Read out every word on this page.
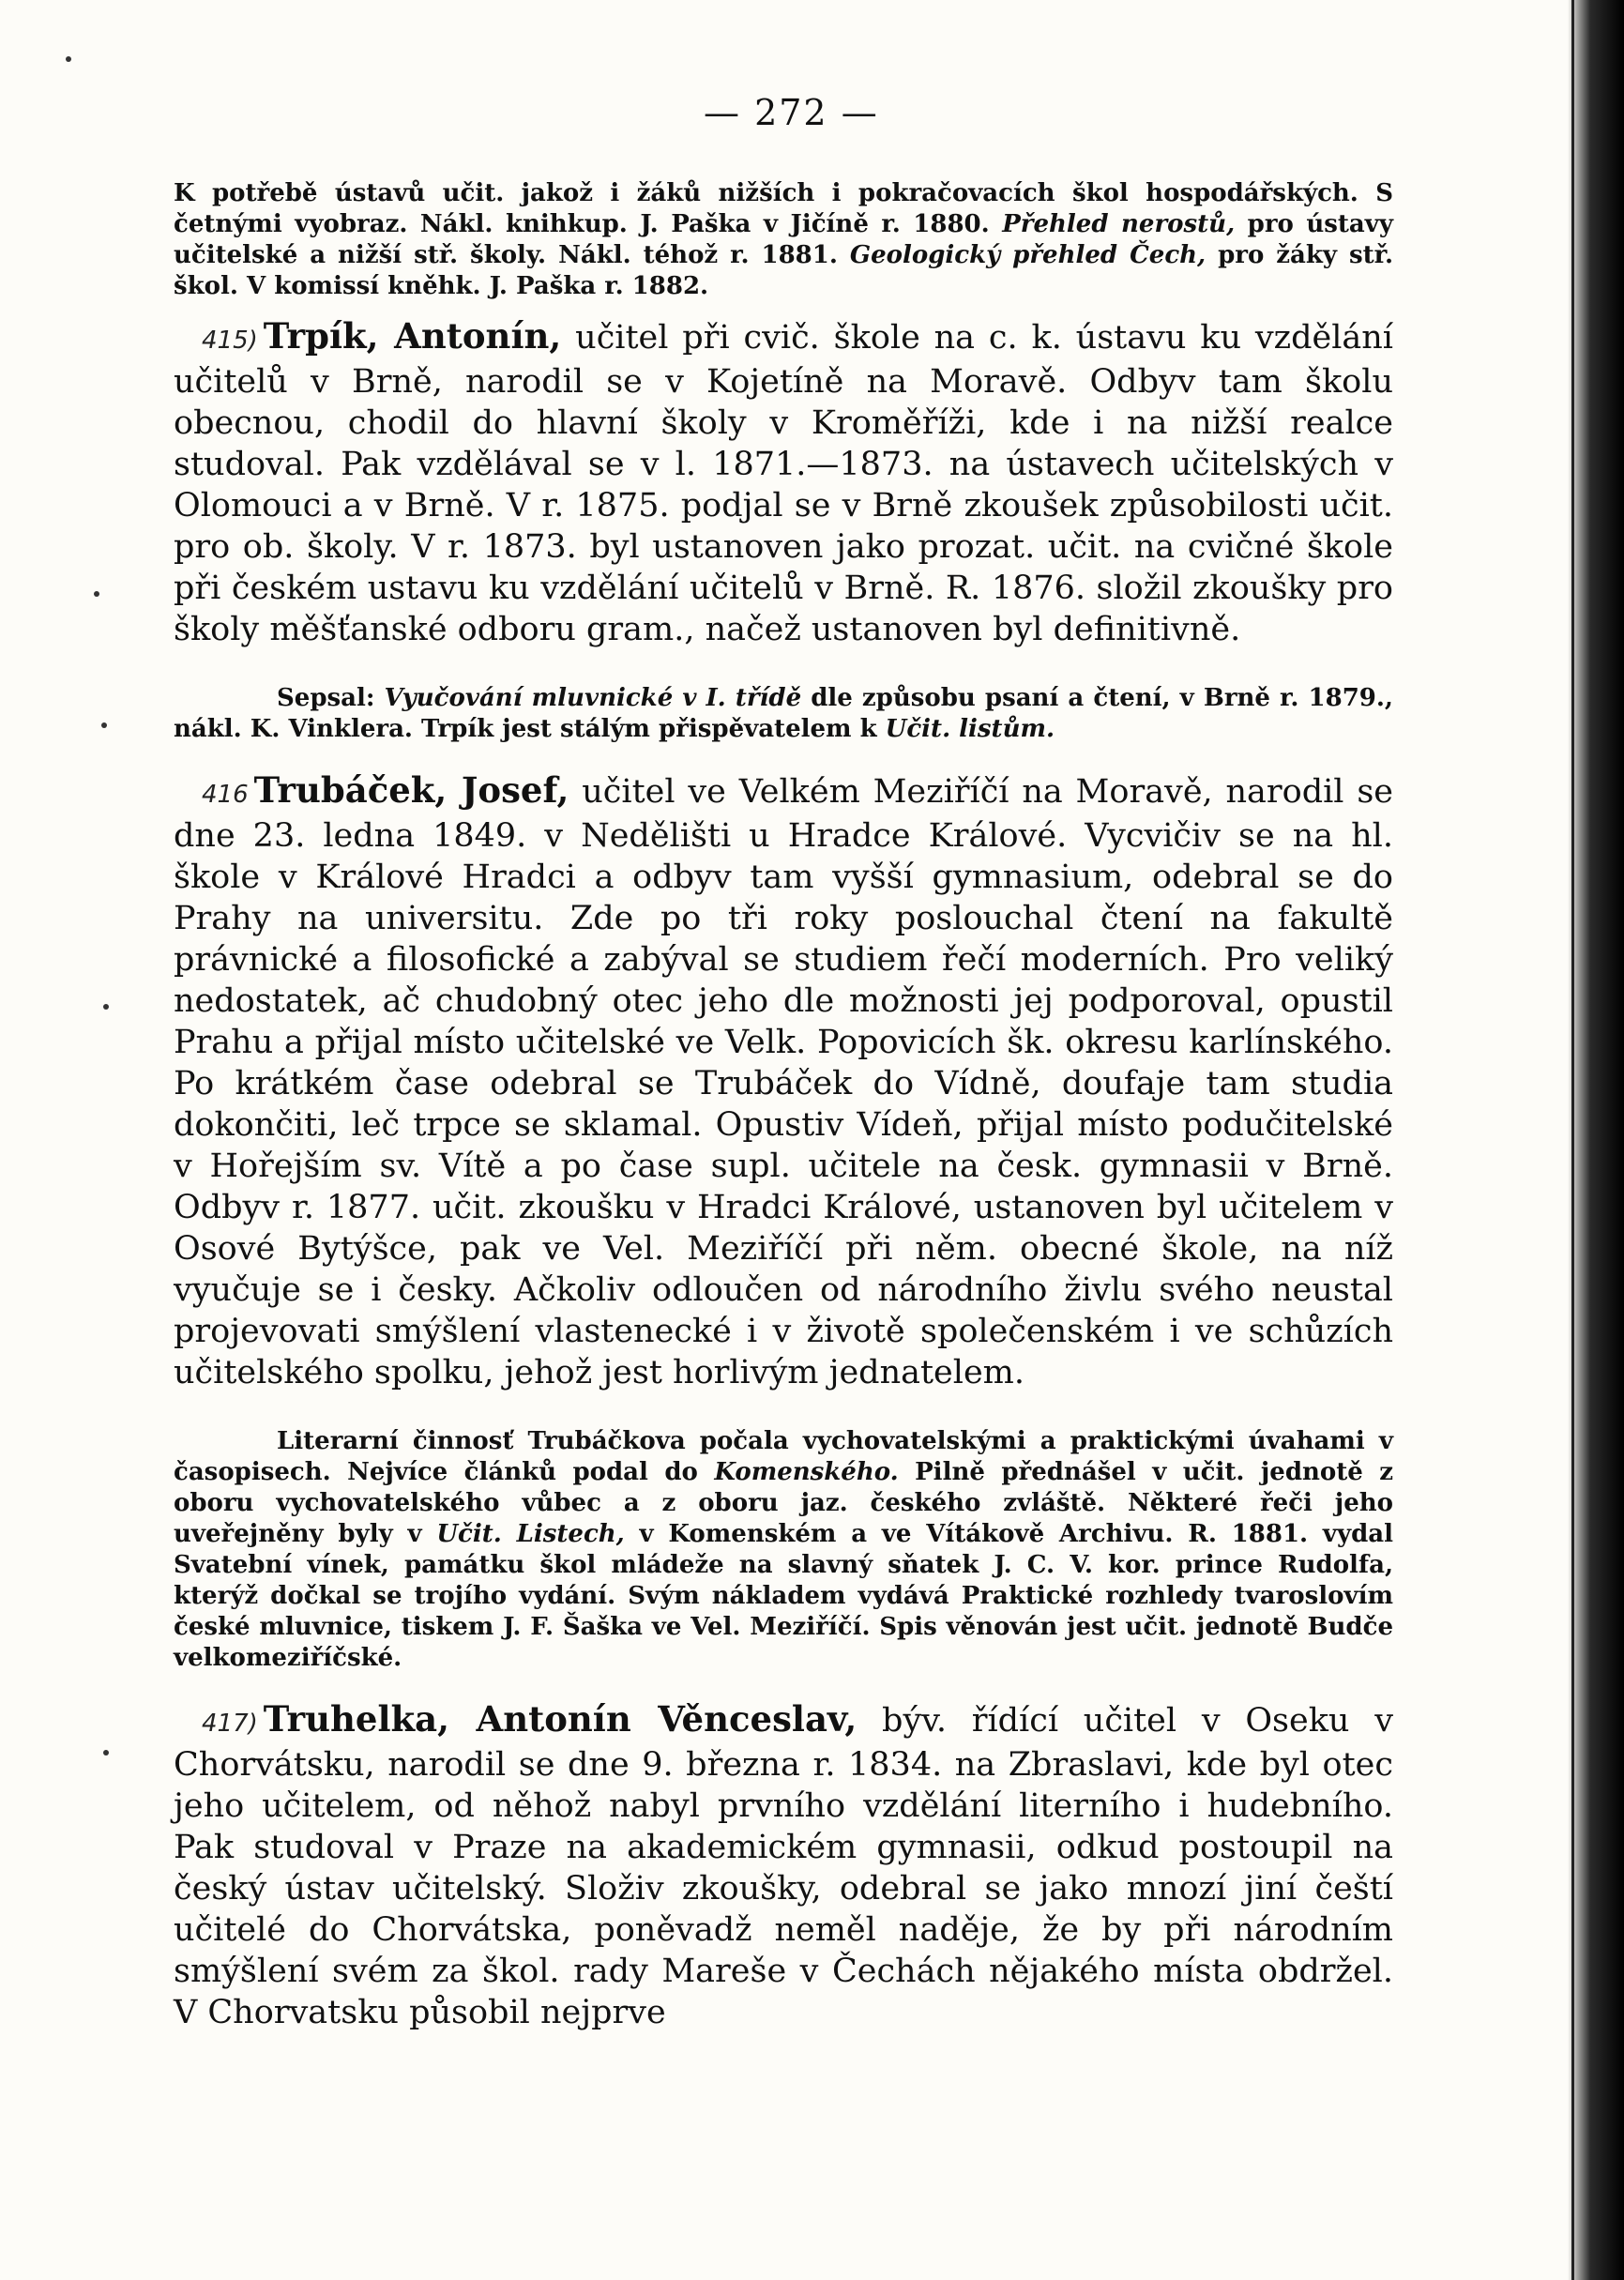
— 272 —

K potřebě ústavů učit. jakož i žáků nižších i pokračovacích škol hospodářských. S četnými vyobraz. Nákl. knihkup. J. Paška v Jičíně r. 1880. Přehled nerostů, pro ústavy učitelské a nižší stř. školy. Nákl. téhož r. 1881. Geologický přehled Čech, pro žáky stř. škol. V komissí kněhk. J. Paška r. 1882.

415) Trpík, Antonín, učitel při cvič. škole na c. k. ústavu ku vzdělání učitelů v Brně, narodil se v Kojetíně na Moravě. Odbyv tam školu obecnou, chodil do hlavní školy v Kroměříži, kde i na nižší realce studoval. Pak vzdělával se v l. 1871.—1873. na ústavech učitelských v Olomouci a v Brně. V r. 1875. podjal se v Brně zkoušek způsobilosti učit. pro ob. školy. V r. 1873. byl ustanoven jako prozat. učit. na cvičné škole při českém ustavu ku vzdělání učitelů v Brně. R. 1876. složil zkoušky pro školy měšťanské odboru gram., načež ustanoven byl definitivně.

Sepsal: Vyučování mluvnické v I. třídě dle způsobu psaní a čtení, v Brně r. 1879., nákl. K. Vinklera. Trpík jest stálým přispěvatelem k Učit. listům.

416 Trubáček, Josef, učitel ve Velkém Meziříčí na Moravě, narodil se dne 23. ledna 1849. v Nedělišti u Hradce Králové. Vycvičiv se na hl. škole v Králové Hradci a odbyv tam vyšší gymnasium, odebral se do Prahy na universitu. Zde po tři roky poslouchal čtení na fakultě právnické a filosofické a zabýval se studiem řečí moderních. Pro veliký nedostatek, ač chudobný otec jeho dle možnosti jej podporoval, opustil Prahu a přijal místo učitelské ve Velk. Popovicích šk. okresu karlínského. Po krátkém čase odebral se Trubáček do Vídně, doufaje tam studia dokončiti, leč trpce se sklamal. Opustiv Vídeň, přijal místo podučitelské v Hořejším sv. Vítě a po čase supl. učitele na česk. gymnasii v Brně. Odbyv r. 1877. učit. zkoušku v Hradci Králové, ustanoven byl učitelem v Osové Bytýšce, pak ve Vel. Meziříčí při něm. obecné škole, na níž vyučuje se i česky. Ačkoliv odloučen od národního živlu svého neustal projevovati smýšlení vlastenecké i v životě společenském i ve schůzích učitelského spolku, jehož jest horlivým jednatelem.

Literarní činnosť Trubáčkova počala vychovatelskými a praktickými úvahami v časopisech. Nejvíce článků podal do Komenského. Pilně přednášel v učit. jednotě z oboru vychovatelského vůbec a z oboru jaz. českého zvláště. Některé řeči jeho uveřejněny byly v Učit. Listech, v Komenském a ve Vítákově Archivu. R. 1881. vydal Svatební vínek, památku škol mládeže na slavný sňatek J. C. V. kor. prince Rudolfa, kterýž dočkal se trojího vydání. Svým nákladem vydává Praktické rozhledy tvaroslovím české mluvnice, tiskem J. F. Šaška ve Vel. Meziříčí. Spis věnován jest učit. jednotě Budče velkomeziříčské.

417) Truhelka, Antonín Věnceslav, býv. řídící učitel v Oseku v Chorvátsku, narodil se dne 9. března r. 1834. na Zbraslavi, kde byl otec jeho učitelem, od něhož nabyl prvního vzdělání literního i hudebního. Pak studoval v Praze na akademickém gymnasii, odkud postoupil na český ústav učitelský. Složiv zkoušky, odebral se jako mnozí jiní čeští učitelé do Chorvátska, poněvadž neměl naděje, že by při národním smýšlení svém za škol. rady Mareše v Čechách nějakého místa obdržel. V Chorvatsku působil nejprve
